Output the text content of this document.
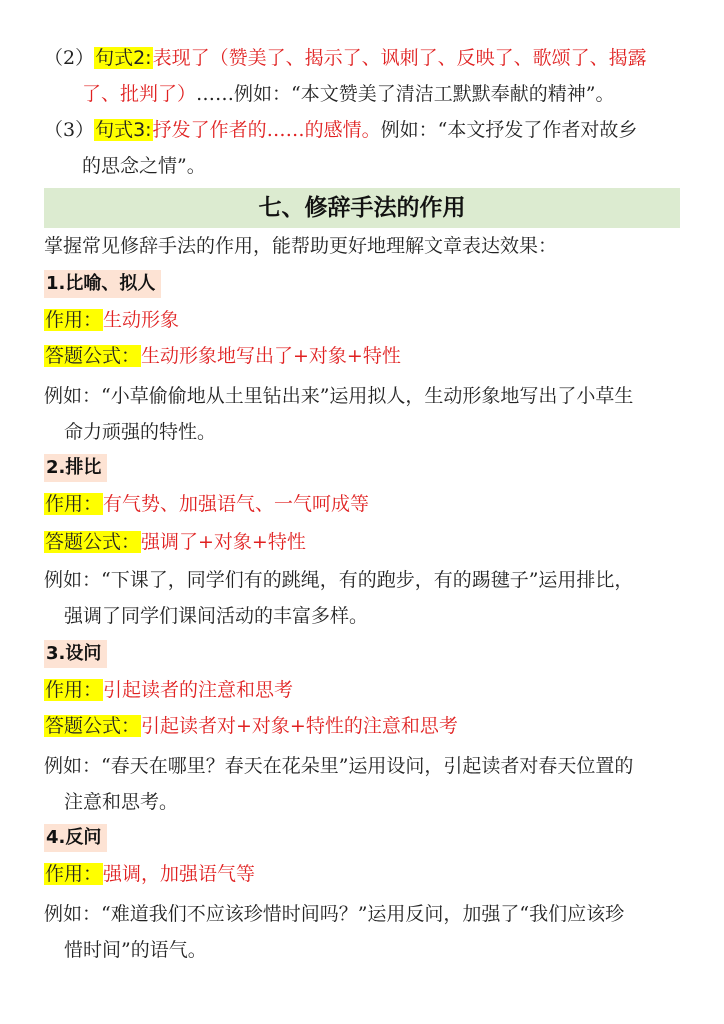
（2）句式2:表现了（赞美了、揭示了、讽刺了、反映了、歌颂了、揭露
了、批判了）……例如：“本文赞美了清洁工默默奉献的精神”。
（3）句式3:抒发了作者的……的感情。例如：“本文抒发了作者对故乡
的思念之情”。
七、修辞手法的作用
掌握常见修辞手法的作用，能帮助更好地理解文章表达效果：
1.比喻、拟人
作用：生动形象
答题公式：生动形象地写出了+对象+特性
例如：“小草偷偷地从土里钻出来”运用拟人，生动形象地写出了小草生
命力顽强的特性。
2.排比
作用：有气势、加强语气、一气呵成等
答题公式：强调了+对象+特性
例如：“下课了，同学们有的跳绳，有的跑步，有的踢毽子”运用排比，
强调了同学们课间活动的丰富多样。
3.设问
作用：引起读者的注意和思考
答题公式：引起读者对+对象+特性的注意和思考
例如：“春天在哪里？春天在花朵里”运用设问，引起读者对春天位置的
注意和思考。
4.反问
作用：强调，加强语气等
例如：“难道我们不应该珍惜时间吗？”运用反问，加强了“我们应该珍
惜时间”的语气。
